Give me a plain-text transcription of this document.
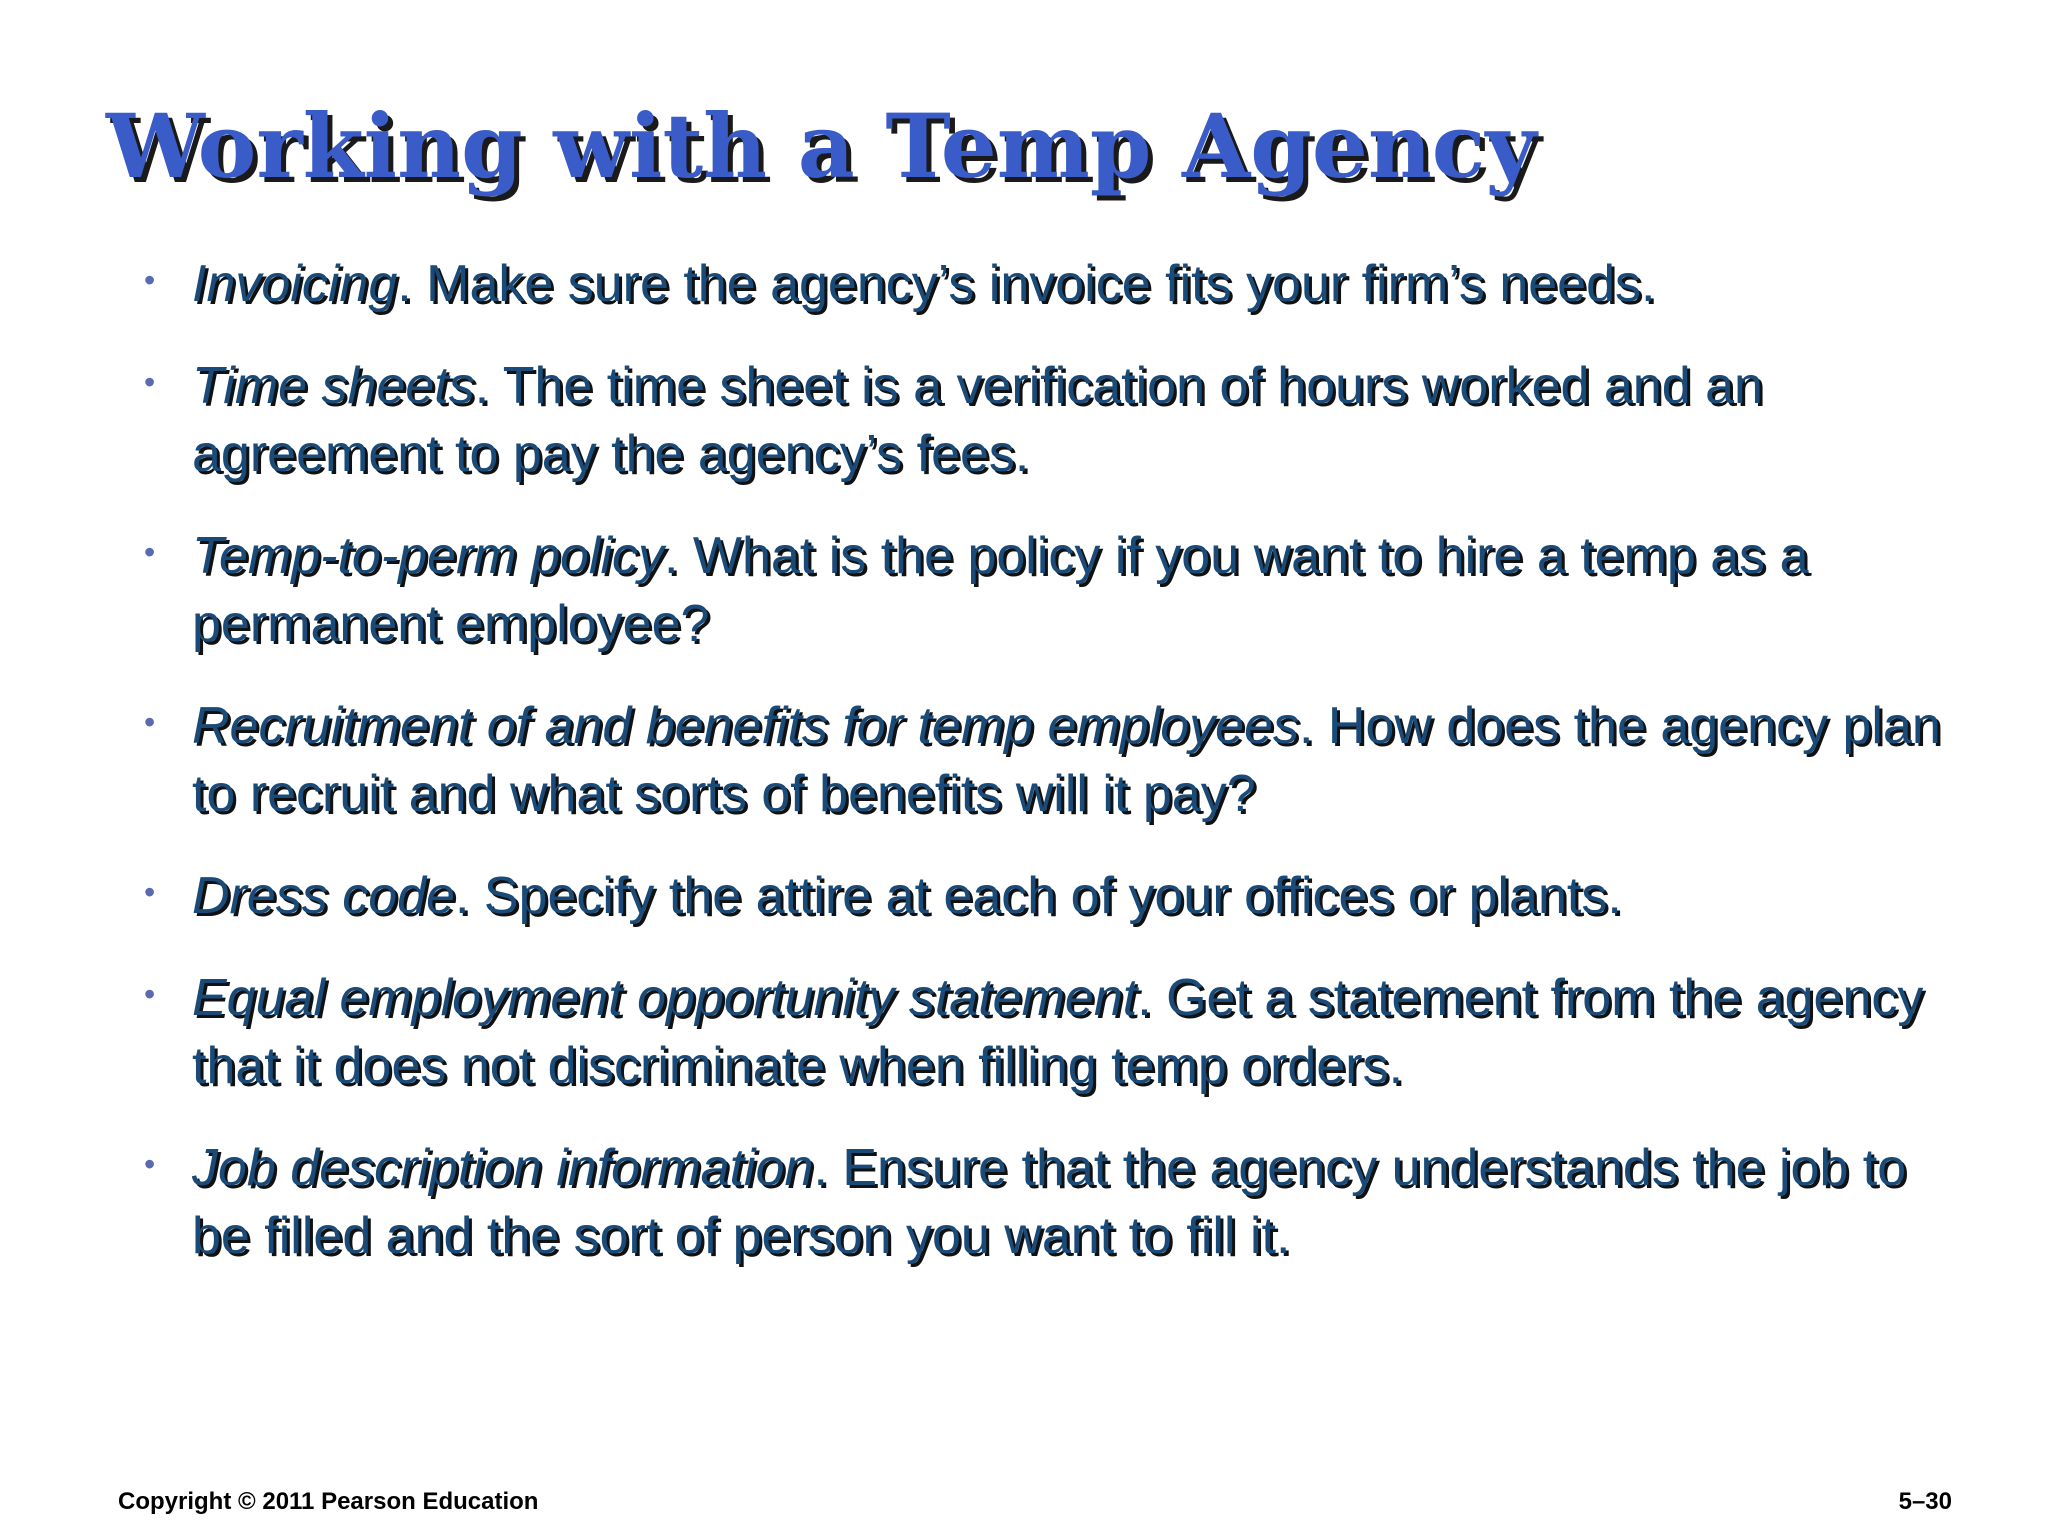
Working with a Temp Agency
• Invoicing. Make sure the agency’s invoice fits your firm’s needs.
• Time sheets. The time sheet is a verification of hours worked and an agreement to pay the agency’s fees.
• Temp-to-perm policy. What is the policy if you want to hire a temp as a permanent employee?
• Recruitment of and benefits for temp employees. How does the agency plan to recruit and what sorts of benefits will it pay?
• Dress code. Specify the attire at each of your offices or plants.
• Equal employment opportunity statement. Get a statement from the agency that it does not discriminate when filling temp orders.
• Job description information. Ensure that the agency understands the job to be filled and the sort of person you want to fill it.
Copyright © 2011 Pearson Education	5–30
